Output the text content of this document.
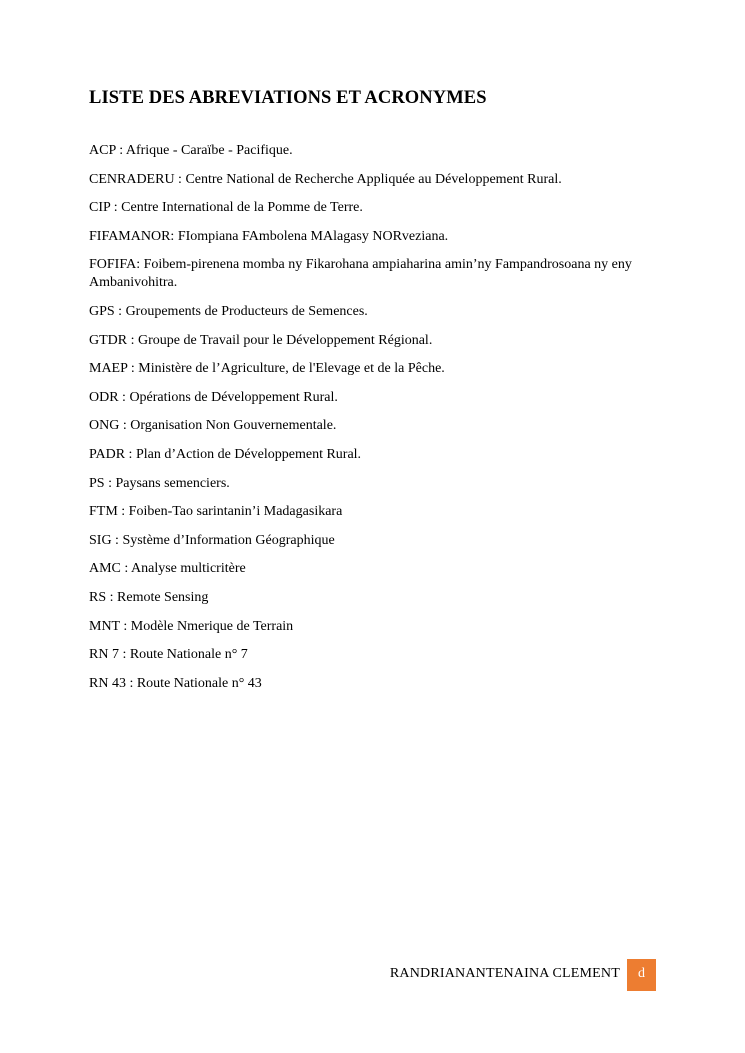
LISTE DES ABREVIATIONS ET ACRONYMES
ACP : Afrique - Caraïbe - Pacifique.
CENRADERU : Centre National de Recherche Appliquée au Développement Rural.
CIP : Centre International de la Pomme de Terre.
FIFAMANOR: FIompiana FAmbolena MAlagasy NORveziana.
FOFIFA: Foibem-pirenena momba ny Fikarohana ampiaharina amin’ny Fampandrosoana ny eny Ambanivohitra.
GPS : Groupements de Producteurs de Semences.
GTDR : Groupe de Travail pour le Développement Régional.
MAEP : Ministère de l’Agriculture, de l'Elevage et de la Pêche.
ODR : Opérations de Développement Rural.
ONG : Organisation Non Gouvernementale.
PADR : Plan d’Action de Développement Rural.
PS : Paysans semenciers.
FTM : Foiben-Tao sarintanin’i Madagasikara
SIG : Système d’Information Géographique
AMC : Analyse multicritère
RS : Remote Sensing
MNT : Modèle Nmerique de Terrain
RN 7 : Route Nationale n° 7
RN 43 : Route Nationale n° 43
RANDRIANANTENAINA CLEMENT	d
